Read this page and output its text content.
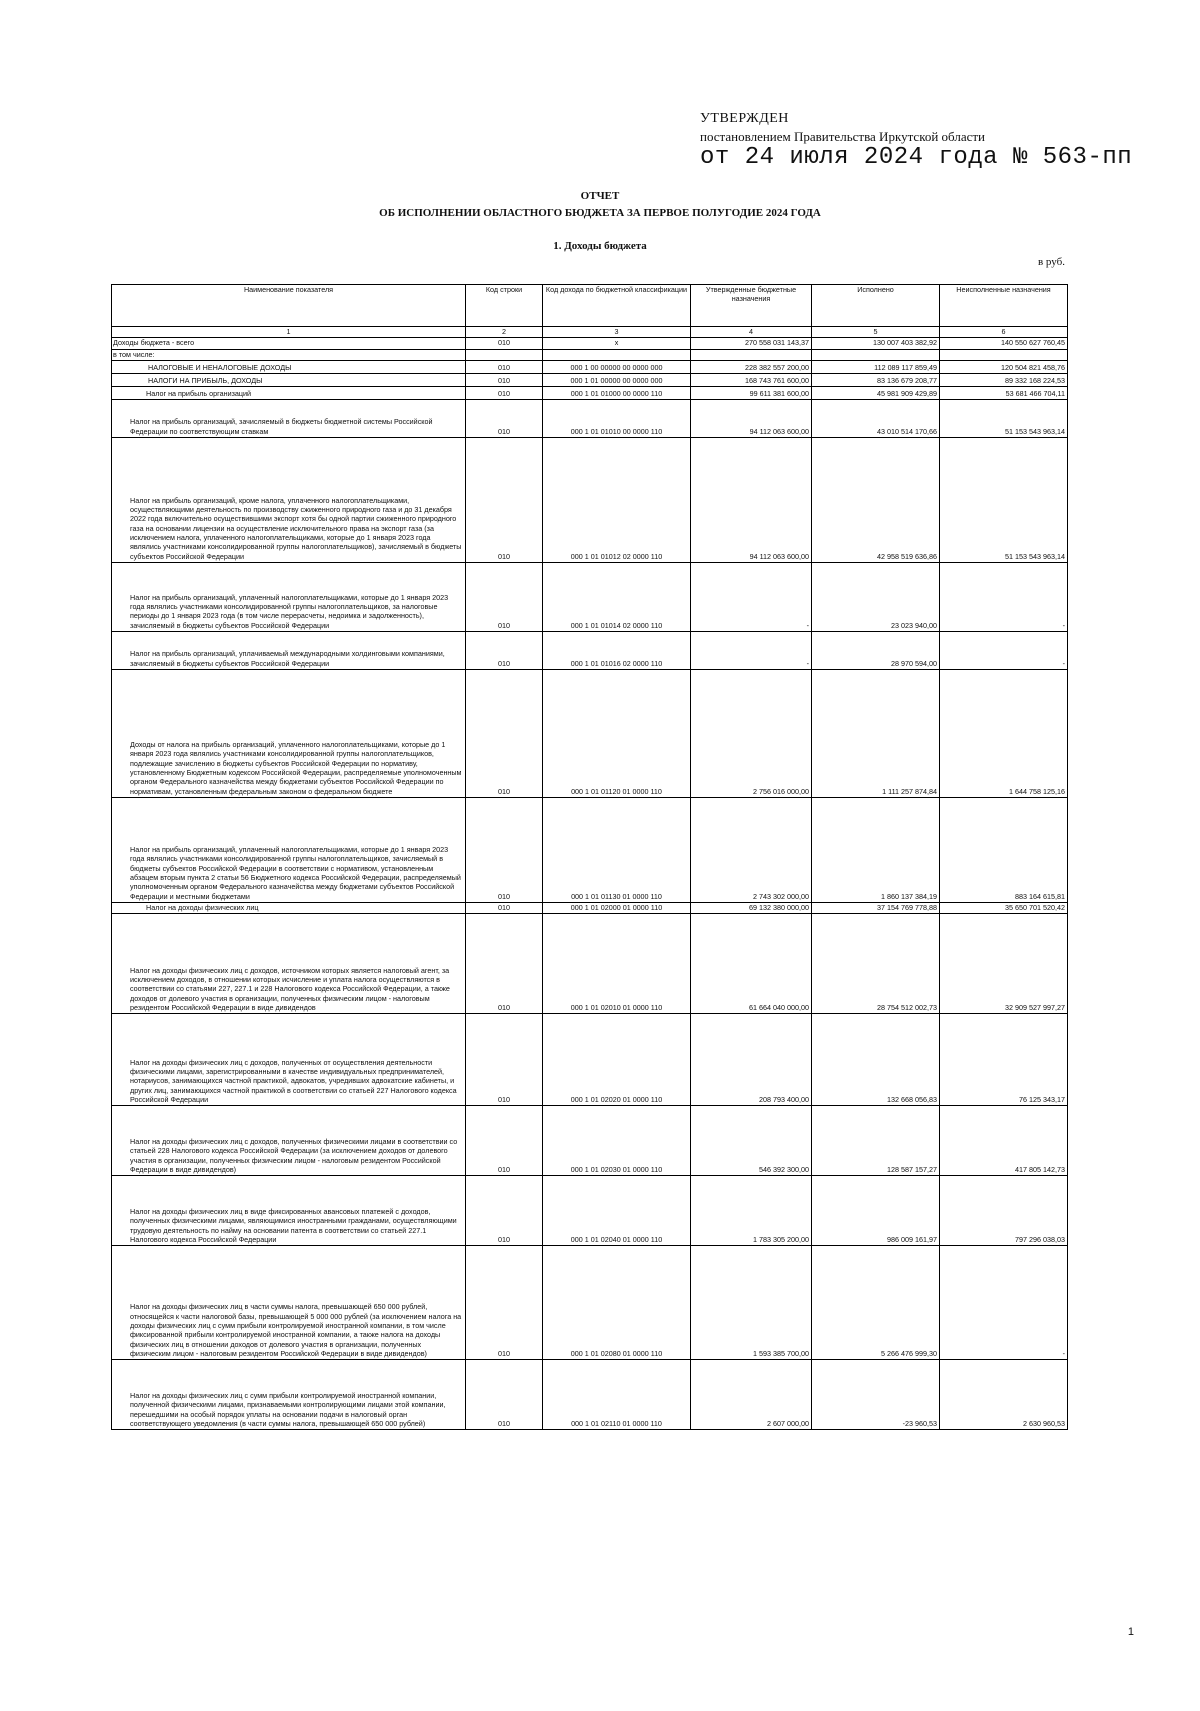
УТВЕРЖДЕН
постановлением Правительства Иркутской области
от 24 июля 2024 года № 563-пп
ОТЧЕТ
ОБ ИСПОЛНЕНИИ ОБЛАСТНОГО БЮДЖЕТА ЗА ПЕРВОЕ ПОЛУГОДИЕ 2024 ГОДА
1. Доходы бюджета
в руб.
Наименование показателя	Код строки	Код дохода по бюджетной классификации	Утвержденные бюджетные назначения	Исполнено	Неисполненные назначения
1	2	3	4	5	6
Доходы бюджета - всего	010	x	270 558 031 143,37	130 007 403 382,92	140 550 627 760,45
в том числе:					
НАЛОГОВЫЕ И НЕНАЛОГОВЫЕ ДОХОДЫ	010	000 1 00 00000 00 0000 000	228 382 557 200,00	112 089 117 859,49	120 504 821 458,76
НАЛОГИ НА ПРИБЫЛЬ, ДОХОДЫ	010	000 1 01 00000 00 0000 000	168 743 761 600,00	83 136 679 208,77	89 332 168 224,53
Налог на прибыль организаций	010	000 1 01 01000 00 0000 110	99 611 381 600,00	45 981 909 429,89	53 681 466 704,11
Налог на прибыль организаций, зачисляемый в бюджеты бюджетной системы Российской Федерации по соответствующим ставкам	010	000 1 01 01010 00 0000 110	94 112 063 600,00	43 010 514 170,66	51 153 543 963,14
Налог на прибыль организаций, кроме налога, уплаченного налогоплательщиками, осуществляющими деятельность по производству сжиженного природного газа и до 31 декабря 2022 года включительно осуществившими экспорт хотя бы одной партии сжиженного природного газа на основании лицензии на осуществление исключительного права на экспорт газа (за исключением налога, уплаченного налогоплательщиками, которые до 1 января 2023 года являлись участниками консолидированной группы налогоплательщиков), зачисляемый в бюджеты субъектов Российской Федерации	010	000 1 01 01012 02 0000 110	94 112 063 600,00	42 958 519 636,86	51 153 543 963,14
Налог на прибыль организаций, уплаченный налогоплательщиками, которые до 1 января 2023 года являлись участниками консолидированной группы налогоплательщиков, за налоговые периоды до 1 января 2023 года (в том числе перерасчеты, недоимка и задолженность), зачисляемый в бюджеты субъектов Российской Федерации	010	000 1 01 01014 02 0000 110	-	23 023 940,00	-
Налог на прибыль организаций, уплачиваемый международными холдинговыми компаниями, зачисляемый в бюджеты субъектов Российской Федерации	010	000 1 01 01016 02 0000 110	-	28 970 594,00	-
Доходы от налога на прибыль организаций, уплаченного налогоплательщиками, которые до 1 января 2023 года являлись участниками консолидированной группы налогоплательщиков, подлежащие зачислению в бюджеты субъектов Российской Федерации по нормативу, установленному Бюджетным кодексом Российской Федерации, распределяемые уполномоченным органом Федерального казначейства между бюджетами субъектов Российской Федерации по нормативам, установленным федеральным законом о федеральном бюджете	010	000 1 01 01120 01 0000 110	2 756 016 000,00	1 111 257 874,84	1 644 758 125,16
Налог на прибыль организаций, уплаченный налогоплательщиками, которые до 1 января 2023 года являлись участниками консолидированной группы налогоплательщиков, зачисляемый в бюджеты субъектов Российской Федерации в соответствии с нормативом, установленным абзацем вторым пункта 2 статьи 56 Бюджетного кодекса Российской Федерации, распределяемый уполномоченным органом Федерального казначейства между бюджетами субъектов Российской Федерации и местными бюджетами	010	000 1 01 01130 01 0000 110	2 743 302 000,00	1 860 137 384,19	883 164 615,81
Налог на доходы физических лиц	010	000 1 01 02000 01 0000 110	69 132 380 000,00	37 154 769 778,88	35 650 701 520,42
Налог на доходы физических лиц с доходов, источником которых является налоговый агент, за исключением доходов, в отношении которых исчисление и уплата налога осуществляются в соответствии со статьями 227, 227.1 и 228 Налогового кодекса Российской Федерации, а также доходов от долевого участия в организации, полученных физическим лицом - налоговым резидентом Российской Федерации в виде дивидендов	010	000 1 01 02010 01 0000 110	61 664 040 000,00	28 754 512 002,73	32 909 527 997,27
Налог на доходы физических лиц с доходов, полученных от осуществления деятельности физическими лицами, зарегистрированными в качестве индивидуальных предпринимателей, нотариусов, занимающихся частной практикой, адвокатов, учредивших адвокатские кабинеты, и других лиц, занимающихся частной практикой в соответствии со статьей 227 Налогового кодекса Российской Федерации	010	000 1 01 02020 01 0000 110	208 793 400,00	132 668 056,83	76 125 343,17
Налог на доходы физических лиц с доходов, полученных физическими лицами в соответствии со статьей 228 Налогового кодекса Российской Федерации (за исключением доходов от долевого участия в организации, полученных физическим лицом - налоговым резидентом Российской Федерации в виде дивидендов)	010	000 1 01 02030 01 0000 110	546 392 300,00	128 587 157,27	417 805 142,73
Налог на доходы физических лиц в виде фиксированных авансовых платежей с доходов, полученных физическими лицами, являющимися иностранными гражданами, осуществляющими трудовую деятельность по найму на основании патента в соответствии со статьей 227.1 Налогового кодекса Российской Федерации	010	000 1 01 02040 01 0000 110	1 783 305 200,00	986 009 161,97	797 296 038,03
Налог на доходы физических лиц в части суммы налога, превышающей 650 000 рублей, относящейся к части налоговой базы, превышающей 5 000 000 рублей (за исключением налога на доходы физических лиц с сумм прибыли контролируемой иностранной компании, в том числе фиксированной прибыли контролируемой иностранной компании, а также налога на доходы физических лиц в отношении доходов от долевого участия в организации, полученных физическим лицом - налоговым резидентом Российской Федерации в виде дивидендов)	010	000 1 01 02080 01 0000 110	1 593 385 700,00	5 266 476 999,30	-
Налог на доходы физических лиц с сумм прибыли контролируемой иностранной компании, полученной физическими лицами, признаваемыми контролирующими лицами этой компании, перешедшими на особый порядок уплаты на основании подачи в налоговый орган соответствующего уведомления (в части суммы налога, превышающей 650 000 рублей)	010	000 1 01 02110 01 0000 110	2 607 000,00	-23 960,53	2 630 960,53
1
